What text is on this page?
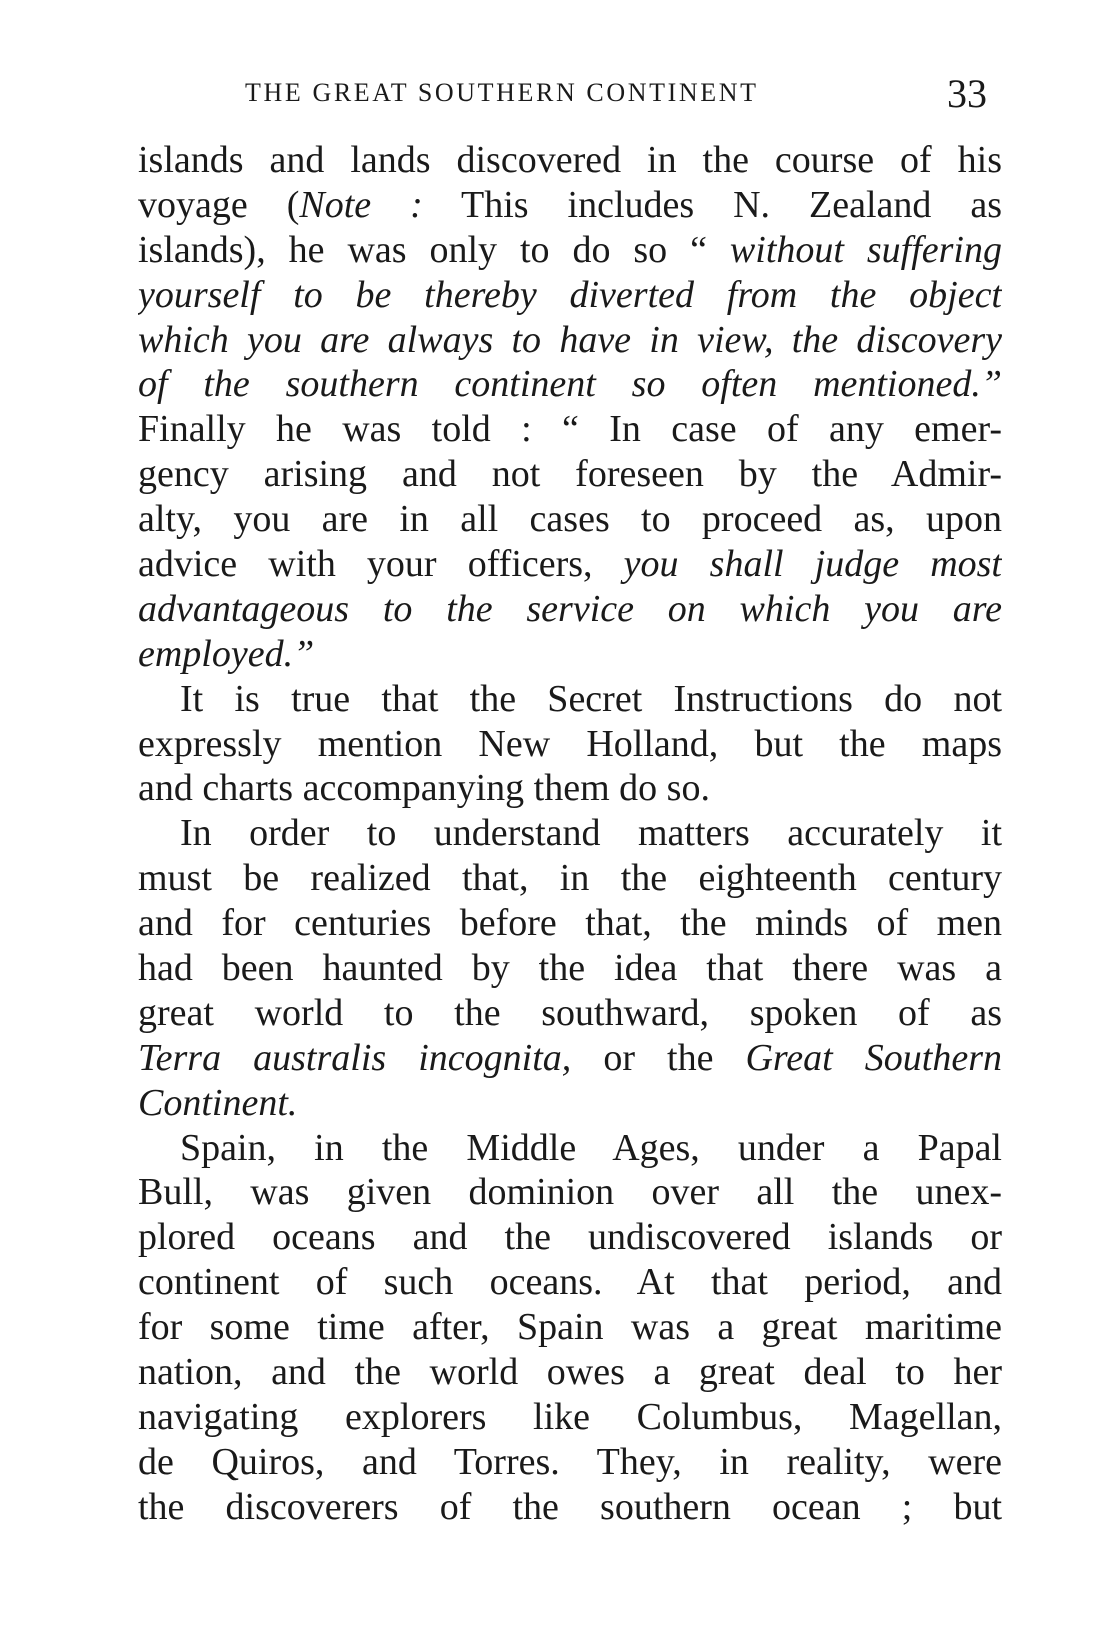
THE GREAT SOUTHERN CONTINENT	33
islands and lands discovered in the course of his
voyage (Note : This includes N. Zealand as
islands), he was only to do so “ without suffering
yourself to be thereby diverted from the object
which you are always to have in view, the discovery
of the southern continent so often mentioned.”
Finally he was told : “ In case of any emer-
gency arising and not foreseen by the Admir-
alty, you are in all cases to proceed as, upon
advice with your officers, you shall judge most
advantageous to the service on which you are
employed.”
It is true that the Secret Instructions do not
expressly mention New Holland, but the maps
and charts accompanying them do so.
In order to understand matters accurately it
must be realized that, in the eighteenth century
and for centuries before that, the minds of men
had been haunted by the idea that there was a
great world to the southward, spoken of as
Terra australis incognita, or the Great Southern
Continent.
Spain, in the Middle Ages, under a Papal
Bull, was given dominion over all the unex-
plored oceans and the undiscovered islands or
continent of such oceans. At that period, and
for some time after, Spain was a great maritime
nation, and the world owes a great deal to her
navigating explorers like Columbus, Magellan,
de Quiros, and Torres. They, in reality, were
the discoverers of the southern ocean ; but
